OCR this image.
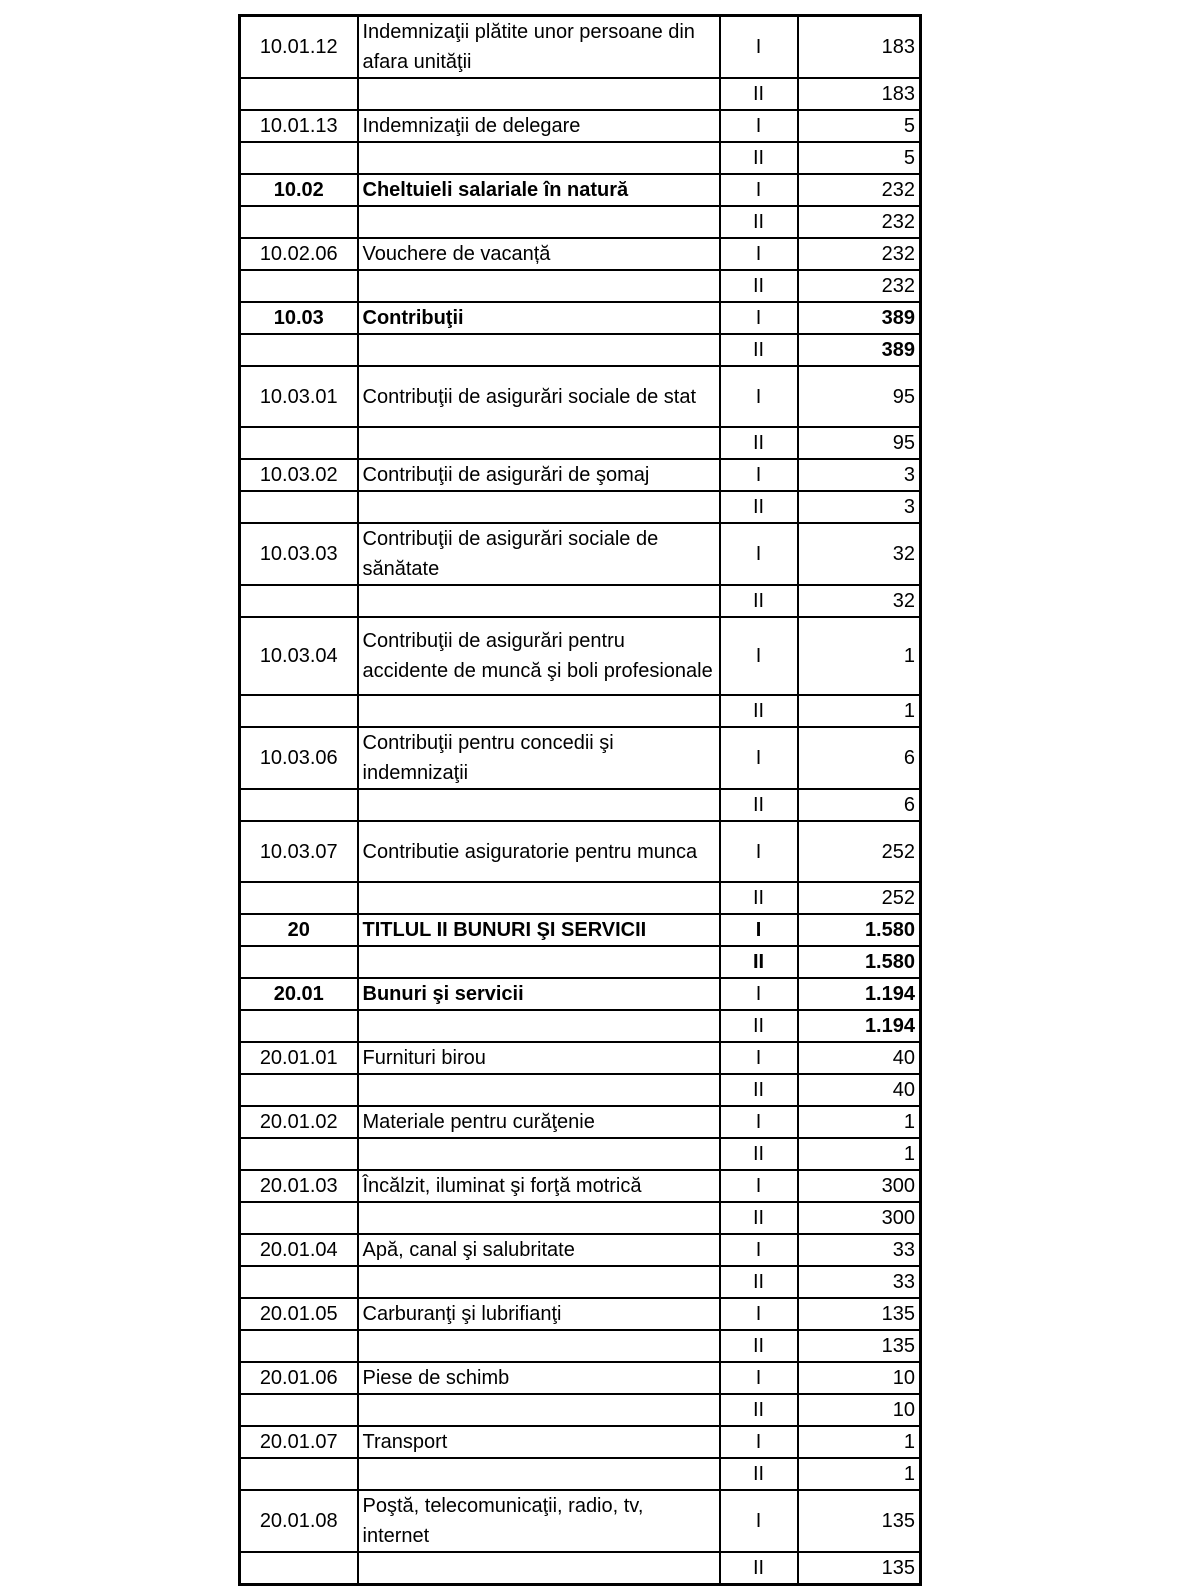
10.01.12	Indemnizaţii plătite unor persoane din afara unităţii	I	183
		II	183
10.01.13	Indemnizaţii de delegare	I	5
		II	5
10.02	Cheltuieli salariale în natură	I	232
		II	232
10.02.06	Vouchere de vacanță	I	232
		II	232
10.03	Contribuţii	I	389
		II	389
10.03.01	Contribuţii de asigurări sociale de stat	I	95
		II	95
10.03.02	Contribuţii de asigurări de şomaj	I	3
		II	3
10.03.03	Contribuţii de asigurări sociale de sănătate	I	32
		II	32
10.03.04	Contribuţii de asigurări pentru accidente de muncă şi boli profesionale	I	1
		II	1
10.03.06	Contribuţii pentru concedii şi indemnizaţii	I	6
		II	6
10.03.07	Contributie asiguratorie pentru munca	I	252
		II	252
20	TITLUL II BUNURI ŞI SERVICII	I	1.580
		II	1.580
20.01	Bunuri şi servicii	I	1.194
		II	1.194
20.01.01	Furnituri birou	I	40
		II	40
20.01.02	Materiale pentru curăţenie	I	1
		II	1
20.01.03	Încălzit, iluminat şi forţă motrică	I	300
		II	300
20.01.04	Apă, canal şi salubritate	I	33
		II	33
20.01.05	Carburanţi şi lubrifianţi	I	135
		II	135
20.01.06	Piese de schimb	I	10
		II	10
20.01.07	Transport	I	1
		II	1
20.01.08	Poştă, telecomunicaţii, radio, tv, internet	I	135
		II	135
